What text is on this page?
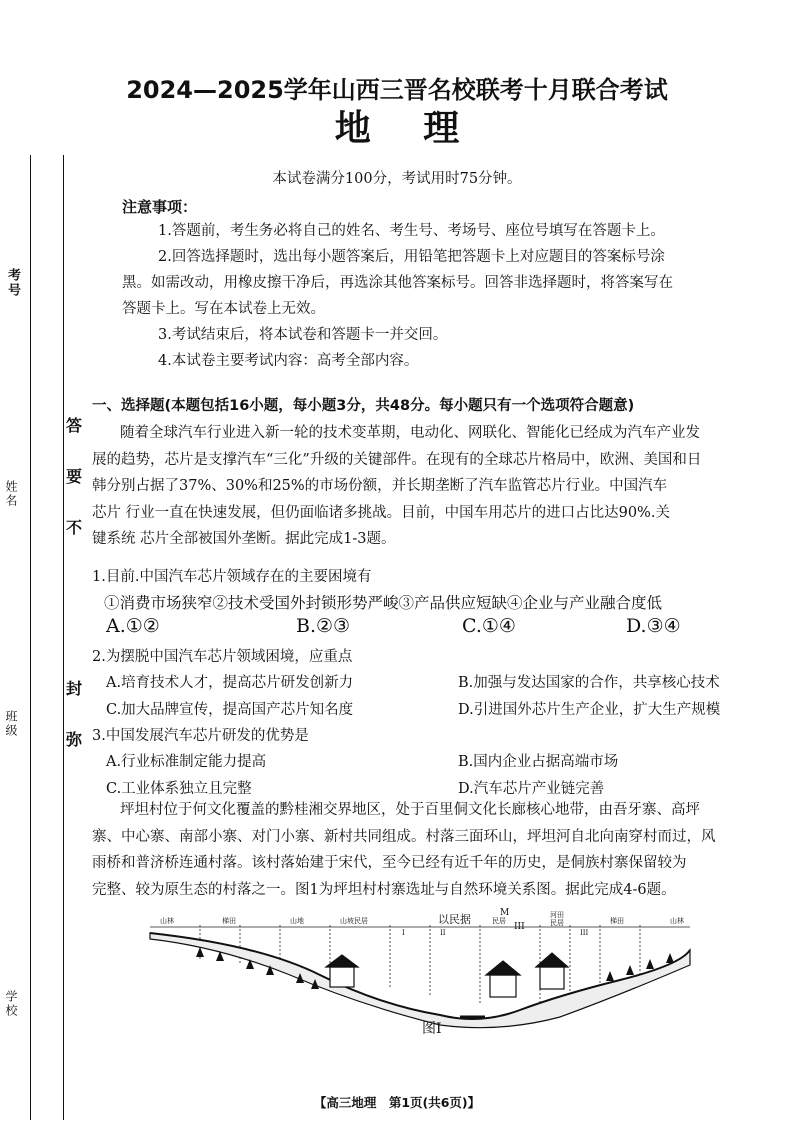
考号
姓名
班级
学校
答
要
不
封
弥
2024—2025学年山西三晋名校联考十月联合考试
地 理
本试卷满分100分，考试用时75分钟。
注意事项：
1.答题前，考生务必将自己的姓名、考生号、考场号、座位号填写在答题卡上。
2.回答选择题时，选出每小题答案后，用铅笔把答题卡上对应题目的答案标号涂
黑。如需改动，用橡皮擦干净后，再选涂其他答案标号。回答非选择题时，将答案写在
答题卡上。写在本试卷上无效。
3.考试结束后，将本试卷和答题卡一并交回。
4.本试卷主要考试内容：高考全部内容。
一、选择题(本题包括16小题，每小题3分，共48分。每小题只有一个选项符合题意)
随着全球汽车行业进入新一轮的技术变革期，电动化、网联化、智能化已经成为汽车产业发
展的趋势，芯片是支撑汽车“三化”升级的关键部件。在现有的全球芯片格局中，欧洲、美国和日
韩分别占据了37%、30%和25%的市场份额，并长期垄断了汽车监管芯片行业。中国汽车
芯片 行业一直在快速发展，但仍面临诸多挑战。目前，中国车用芯片的进口占比达90%.关
键系统 芯片全部被国外垄断。据此完成1-3题。
1.目前.中国汽车芯片领域存在的主要困境有
①消费市场狭窄②技术受国外封锁形势严峻③产品供应短缺④企业与产业融合度低
A.①②	B.②③	C.①④	D.③④
2.为摆脱中国汽车芯片领域困境，应重点
A.培育技术人才，提高芯片研发创新力	B.加强与发达国家的合作，共享核心技术
C.加大品牌宣传，提高国产芯片知名度	D.引进国外芯片生产企业，扩大生产规模
3.中国发展汽车芯片研发的优势是
A.行业标准制定能力提高	B.国内企业占据高端市场
C.工业体系独立且完整	D.汽车芯片产业链完善
坪坦村位于何文化覆盖的黔桂湘交界地区，处于百里侗文化长廊核心地带，由吾牙寨、高坪
寨、中心寨、南部小寨、对门小寨、新村共同组成。村落三面环山，坪坦河自北向南穿村而过，风
雨桥和普济桥连通村落。该村落始建于宋代，至今已经有近千年的历史，是侗族村寨保留较为
完整、较为原生态的村落之一。图1为坪坦村村寨选址与自然环境关系图。据此完成4-6题。
山林	梯田	山地	山坡民居	以民据	M
III
民居
河田
民居	梯田	山林
I	II	III
图I
【高三地理　第1页(共6页)】
